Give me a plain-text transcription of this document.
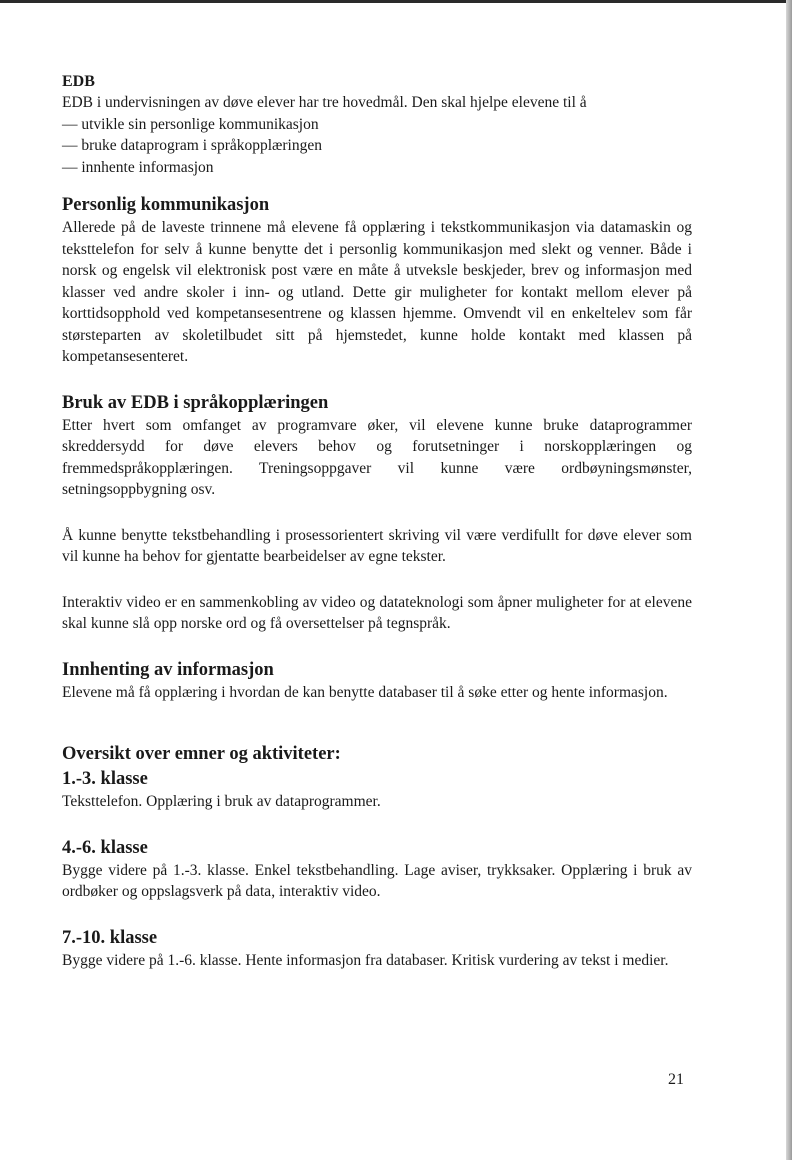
EDB

EDB i undervisningen av døve elever har tre hovedmål. Den skal hjelpe elevene til å

— utvikle sin personlige kommunikasjon
— bruke dataprogram i språkopplæringen
— innhente informasjon
Personlig kommunikasjon

Allerede på de laveste trinnene må elevene få opplæring i tekstkommunikasjon via datamaskin og teksttelefon for selv å kunne benytte det i personlig kommunikasjon med slekt og venner. Både i norsk og engelsk vil elektronisk post være en måte å utveksle beskjeder, brev og informasjon med klasser ved andre skoler i inn- og utland. Dette gir muligheter for kontakt mellom elever på korttidsopphold ved kompetansesentrene og klassen hjemme. Omvendt vil en enkeltelev som får størsteparten av skoletilbudet sitt på hjemstedet, kunne holde kontakt med klassen på kompetansesenteret.

Bruk av EDB i språkopplæringen

Etter hvert som omfanget av programvare øker, vil elevene kunne bruke dataprogrammer skreddersydd for døve elevers behov og forutsetninger i norskopplæringen og fremmedspråkopplæringen. Treningsoppgaver vil kunne være ordbøyningsmønster, setningsoppbygning osv.

Å kunne benytte tekstbehandling i prosessorientert skriving vil være verdifullt for døve elever som vil kunne ha behov for gjentatte bearbeidelser av egne tekster.

Interaktiv video er en sammenkobling av video og datateknologi som åpner muligheter for at elevene skal kunne slå opp norske ord og få oversettelser på tegnspråk.

Innhenting av informasjon

Elevene må få opplæring i hvordan de kan benytte databaser til å søke etter og hente informasjon.

Oversikt over emner og aktiviteter:
1.-3. klasse

Teksttelefon. Opplæring i bruk av dataprogrammer.

4.-6. klasse

Bygge videre på 1.-3. klasse. Enkel tekstbehandling. Lage aviser, trykksaker. Opplæring i bruk av ordbøker og oppslagsverk på data, interaktiv video.

7.-10. klasse

Bygge videre på 1.-6. klasse. Hente informasjon fra databaser. Kritisk vurdering av tekst i medier.

21
